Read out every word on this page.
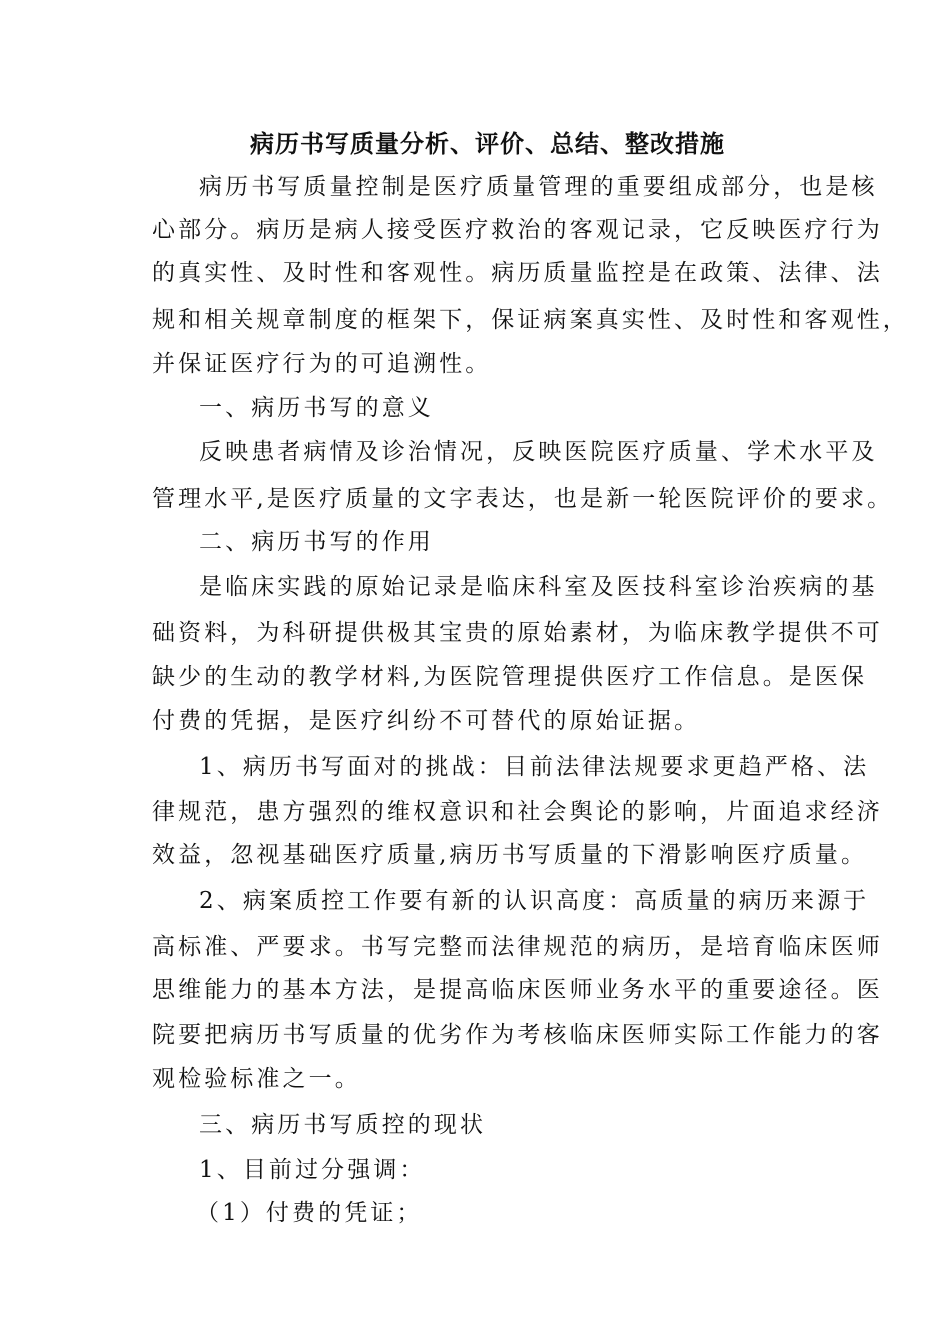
病历书写质量分析、评价、总结、整改措施
病历书写质量控制是医疗质量管理的重要组成部分，也是核
心部分。病历是病人接受医疗救治的客观记录，它反映医疗行为
的真实性、及时性和客观性。病历质量监控是在政策、法律、法
规和相关规章制度的框架下，保证病案真实性、及时性和客观性，
并保证医疗行为的可追溯性。
一、病历书写的意义
反映患者病情及诊治情况，反映医院医疗质量、学术水平及
管理水平,是医疗质量的文字表达，也是新一轮医院评价的要求。
二、病历书写的作用
是临床实践的原始记录是临床科室及医技科室诊治疾病的基
础资料，为科研提供极其宝贵的原始素材，为临床教学提供不可
缺少的生动的教学材料,为医院管理提供医疗工作信息。是医保
付费的凭据，是医疗纠纷不可替代的原始证据。
1、病历书写面对的挑战：目前法律法规要求更趋严格、法
律规范，患方强烈的维权意识和社会舆论的影响，片面追求经济
效益，忽视基础医疗质量,病历书写质量的下滑影响医疗质量。
2、病案质控工作要有新的认识高度：高质量的病历来源于
高标准、严要求。书写完整而法律规范的病历，是培育临床医师
思维能力的基本方法，是提高临床医师业务水平的重要途径。医
院要把病历书写质量的优劣作为考核临床医师实际工作能力的客
观检验标准之一。
三、病历书写质控的现状
1、目前过分强调：
（1）付费的凭证；
